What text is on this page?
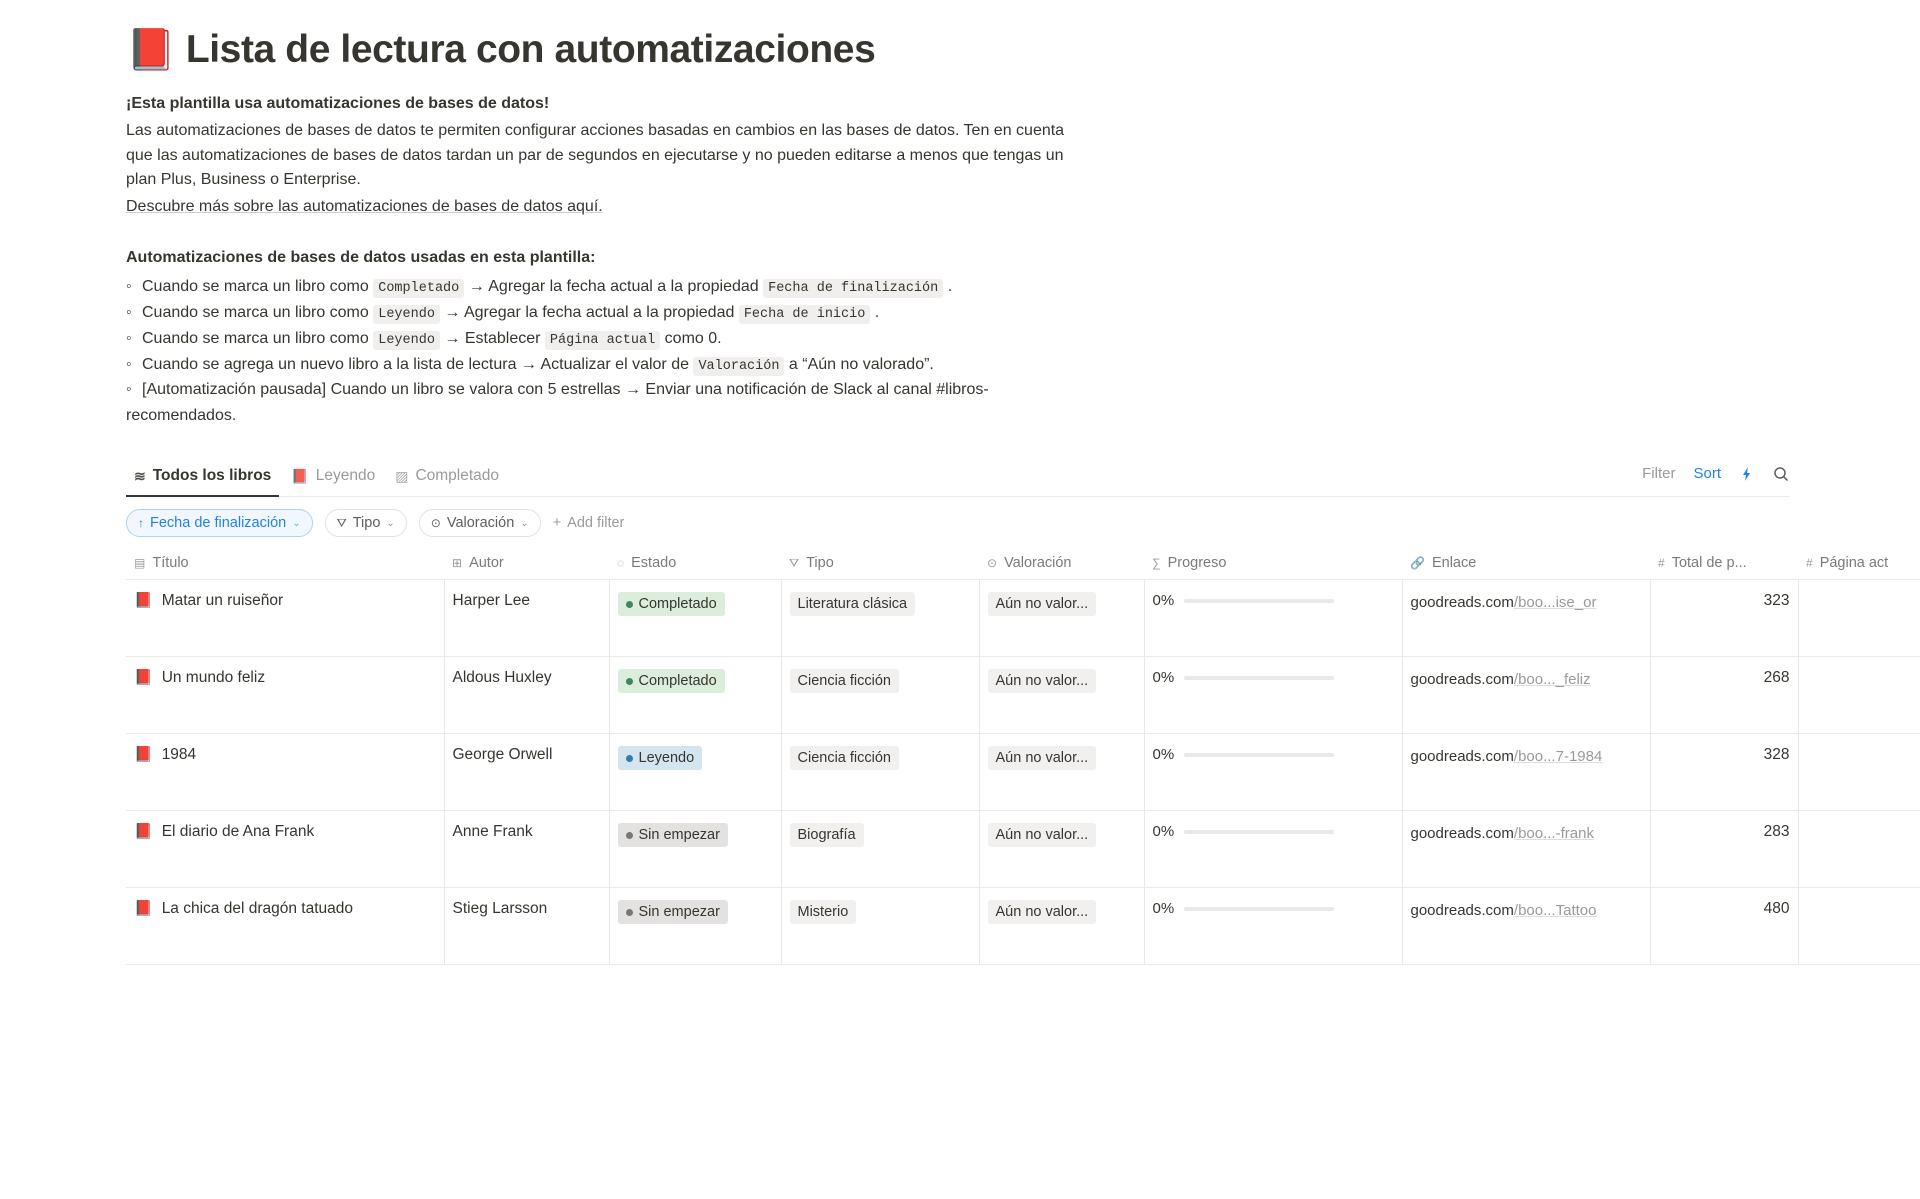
📕 Lista de lectura con automatizaciones
¡Esta plantilla usa automatizaciones de bases de datos!

Las automatizaciones de bases de datos te permiten configurar acciones basadas en cambios en las bases de datos. Ten en cuenta que las automatizaciones de bases de datos tardan un par de segundos en ejecutarse y no pueden editarse a menos que tengas un plan Plus, Business o Enterprise.

Descubre más sobre las automatizaciones de bases de datos aquí.
Automatizaciones de bases de datos usadas en esta plantilla:
◦ Cuando se marca un libro como Completado → Agregar la fecha actual a la propiedad Fecha de finalización .
◦ Cuando se marca un libro como Leyendo → Agregar la fecha actual a la propiedad Fecha de inicio .
◦ Cuando se marca un libro como Leyendo → Establecer Página actual como 0.
◦ Cuando se agrega un nuevo libro a la lista de lectura → Actualizar el valor de Valoración a “Aún no valorado”.
◦ [Automatización pausada] Cuando un libro se valora con 5 estrellas → Enviar una notificación de Slack al canal #libros-recomendados.
≋ Todos los libros 📕 Leyendo ▨ Completado	Filter Sort
↑ Fecha de finalización ⌄	⛛ Tipo ⌄	⊙ Valoración ⌄ + Add filter
▤ Título	⊞ Autor	◌ Estado	⛛ Tipo	⊙ Valoración	∑ Progreso	🔗 Enlace	# Total de p...	# Página act

📕 Matar un ruiseñor	Harper Lee	Completado	Literatura clásica	Aún no valor...	0%	goodreads.com/boo...ise_or	323	

📕 Un mundo feliz	Aldous Huxley	Completado	Ciencia ficción	Aún no valor...	0%	goodreads.com/boo..._feliz	268	

📕 1984	George Orwell	Leyendo	Ciencia ficción	Aún no valor...	0%	goodreads.com/boo...7-1984	328	

📕 El diario de Ana Frank	Anne Frank	Sin empezar	Biografía	Aún no valor...	0%	goodreads.com/boo...-frank	283	

📕 La chica del dragón tatuado	Stieg Larsson	Sin empezar	Misterio	Aún no valor...	0%	goodreads.com/boo...Tattoo	480	
